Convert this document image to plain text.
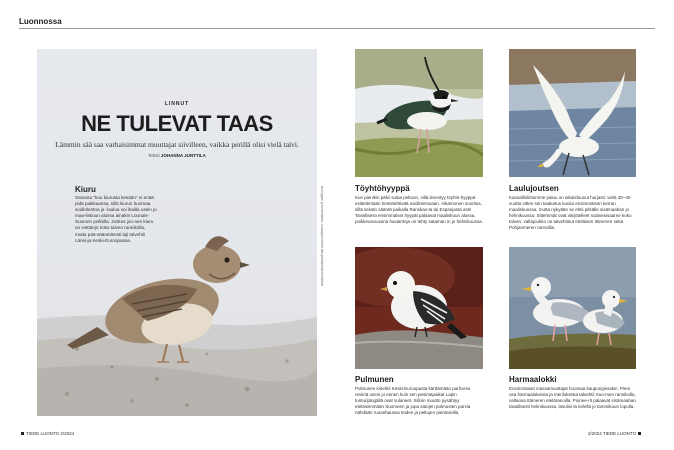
Luonnossa
LINNUT
NE TULEVAT TAAS
Lämmin sää saa varhaisimmat muuttajat siivilleen, vaikka perillä olisi vielä talvi.
Teksti JOHANNA JUNTTILA
Kiuru
Sananta "kuu kiurusta kesään" ei enää pidä paikkaansa, sillä kiurun huomaa soidinlentoa ja -laulua voi ihailla usein jo maa-liskuun alussa ainakin Lounais-Suomen pelloilla. Joskus jou-nen kiuru on viettänyt koko talven rannikolla, mutta pää-sääntöisesti laji talvehtii Länsi-ja Keski-Euroopassa.	Anonyymi ja tuntematon, kuvaajien tiedot alkuperäisessä lehdessä	Töyhtöhyyppä
Kun pienikin pälvi sulaa peltoon, sillä ilmestyy töyhtö-hyyppä esittelemään hentelehtivää soidinlentoaan. Aikamonen suoritus, sillä selvän sääntä paikalla Ranskas-ta tai Espanjasta asti! Tavallisesti ensimmäiset hyypät palaavat maaliskuun alussa, poikkeusvuosina havaintoja on tehty sataman in jo helmikuussa.
Laulujoutsen
Kansallislintumme paluu on aikaisfuunut hurjasti: vielä 30–40 vuotta sitten sen kaakatus kuului ensimmäisen kerran maaliskuussa, mutta nykyään se ehtii pitkälle sisämaahan jo helmikuussa. Sittemmät ovat värjötelleet sulavesisaarne koko talven, valtajoukko on talvehtinut eteläisen Itämeren sekä Pohjanmeren rannoilla.
Pulmunen
Pulmunen kiirehtii Keski-Euroopasta kärttämään parhai-ta reviiriä usein jo ennen kuin sen pesimäpaikat Lapin tunturijängällä ovat sulaneet. Silloin muutto pysähtyy eteläisimmään Suomeen ja jopa satojen pulmusten parvia nähdään ruoanhaussa teiden ja peltojen pientareilla.
Harmaalokki
Ensimmäiset massamuuttajat huomaa kaupungissakin. Pieni osa harmaalokeista ja merilokeista talvehtii Suo-men rannikolla, valtaosa Itämeren eteläranoilla. Pionee-rit palaavat sisämaahan tavallisesti helmikuussa, lasulisi-la kelellä jo tammikuun lopulla.
TIEDE LUONTO 2/2024	2/2024 TIEDE LUONTO
